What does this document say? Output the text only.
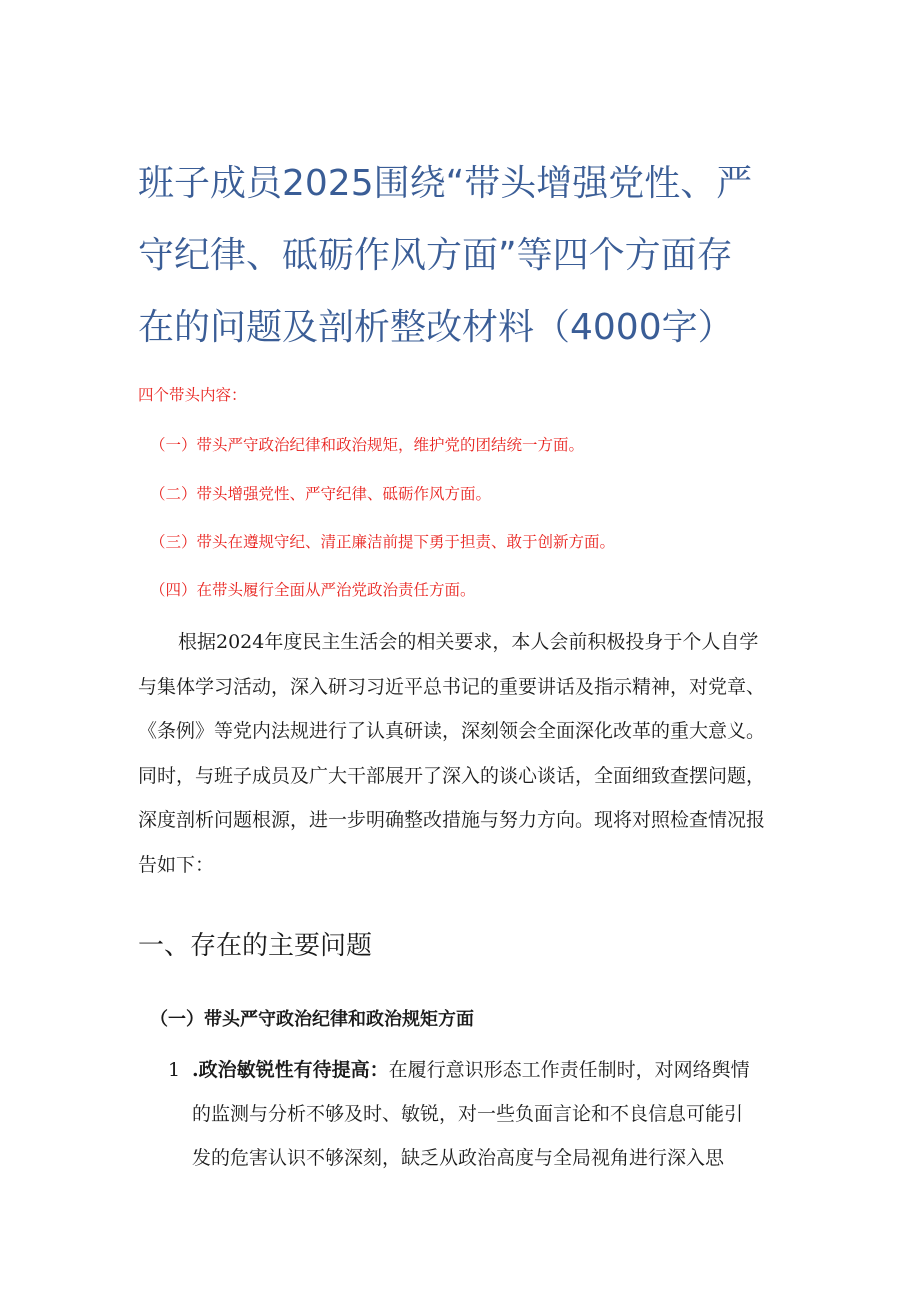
班子成员2025围绕“带头增强党性、严
守纪律、砥砺作风方面”等四个方面存
在的问题及剖析整改材料（4000字）

四个带头内容：

（一）带头严守政治纪律和政治规矩，维护党的团结统一方面。

（二）带头增强党性、严守纪律、砥砺作风方面。

（三）带头在遵规守纪、清正廉洁前提下勇于担责、敢于创新方面。

（四）在带头履行全面从严治党政治责任方面。

根据2024年度民主生活会的相关要求，本人会前积极投身于个人自学
与集体学习活动，深入研习习近平总书记的重要讲话及指示精神，对党章、
《条例》等党内法规进行了认真研读，深刻领会全面深化改革的重大意义。
同时，与班子成员及广大干部展开了深入的谈心谈话，全面细致查摆问题，
深度剖析问题根源，进一步明确整改措施与努力方向。现将对照检查情况报
告如下：
一、存在的主要问题
（一）带头严守政治纪律和政治规矩方面
1 .政治敏锐性有待提高：在履行意识形态工作责任制时，对网络舆情
的监测与分析不够及时、敏锐，对一些负面言论和不良信息可能引
发的危害认识不够深刻，缺乏从政治高度与全局视角进行深入思
